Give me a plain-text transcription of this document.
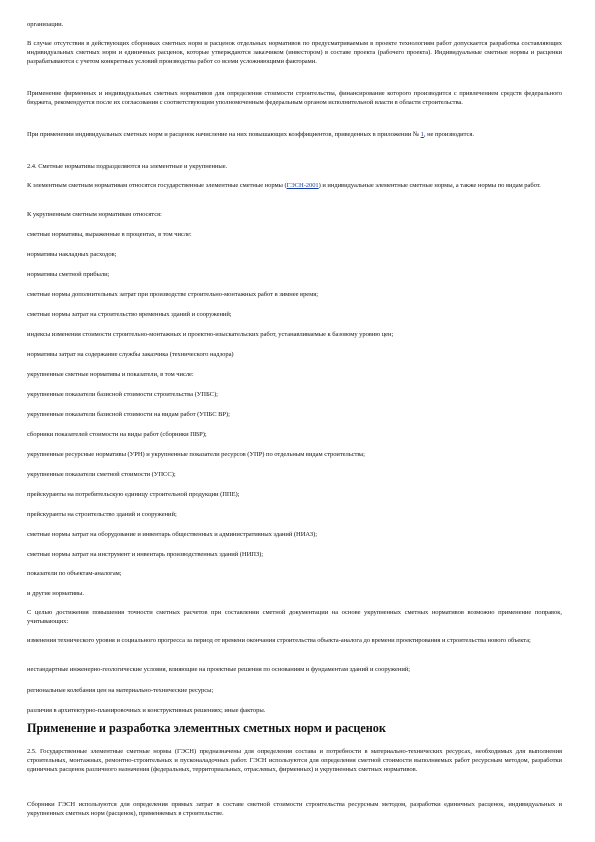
организации.

В случае отсутствия в действующих сборниках сметных норм и расценок отдельных нормативов по предусматриваемым в проекте технологиям работ допускается разработка составляющих индивидуальных сметных норм и единичных расценок, которые утверждаются заказчиком (инвестором) в составе проекта (рабочего проекта). Индивидуальные сметные нормы и расценки разрабатываются с учетом конкретных условий производства работ со всеми усложняющими факторами.

Применение фирменных и индивидуальных сметных нормативов для определения стоимости строительства, финансирование которого производится с привлечением средств федерального бюджета, рекомендуется после их согласования с соответствующим уполномоченным федеральным органом исполнительной власти в области строительства.

При применении индивидуальных сметных норм и расценок начисление на них повышающих коэффициентов, приведенных в приложении № 1, не производится.

2.4. Сметные нормативы подразделяются на элементные и укрупненные.

К элементным сметным нормативам относятся государственные элементные сметные нормы (ГЭСН-2001) и индивидуальные элементные сметные нормы, а также нормы по видам работ.

К укрупненным сметным нормативам относятся:

сметные нормативы, выраженные в процентах, в том числе:

нормативы накладных расходов;

нормативы сметной прибыли;

сметные нормы дополнительных затрат при производстве строительно-монтажных работ в зимнее время;

сметные нормы затрат на строительство временных зданий и сооружений;

индексы изменения стоимости строительно-монтажных и проектно-изыскательских работ, устанавливаемые к базовому уровню цен;

нормативы затрат на содержание службы заказчика (технического надзора)

укрупненные сметные нормативы и показатели, в том числе:

укрупненные показатели базисной стоимости строительства (УПБС);

укрупненные показатели базисной стоимости на видам работ (УПБС ВР);

сборники показателей стоимости на виды работ (сборники ПВР);

укрупненные ресурсные нормативы (УРН) и укрупненные показатели ресурсов (УПР) по отдельным видам строительства;

укрупненные показатели сметной стоимости (УПСС);

прейскуранты на потребительскую единицу строительной продукции (ППЕ);

прейскуранты на строительство зданий и сооружений;

сметные нормы затрат на оборудование и инвентарь общественных и административных зданий (НИАЗ);

сметные нормы затрат на инструмент и инвентарь производственных зданий (НИПЗ);

показатели по объектам-аналогам;

и другие нормативы.

С целью достижения повышения точности сметных расчетов при составлении сметной документации на основе укрупненных сметных нормативов возможно применение поправок, учитывающих:

изменения технического уровня и социального прогресса за период от времени окончания строительства объекта-аналога до времени проектирования и строительства нового объекта;

нестандартные инженерно-геологические условия, влияющие на проектные решения по основаниям и фундаментам зданий и сооружений;

региональные колебания цен на материально-технические ресурсы;

различия в архитектурно-планировочных и конструктивных решениях; иные факторы.

Применение и разработка элементных сметных норм и расценок

2.5. Государственные элементные сметные нормы (ГЭСН) предназначены для определения состава и потребности в материально-технических ресурсах, необходимых для выполнения строительных, монтажных, ремонтно-строительных и пусконаладочных работ. ГЭСН используются для определения сметной стоимости выполняемых работ ресурсным методом, разработки единичных расценок различного назначения (федеральных, территориальных, отраслевых, фирменных) и укрупненных сметных нормативов.

Сборники ГЭСН используются для определения прямых затрат в составе сметной стоимости строительства ресурсным методом, разработки единичных расценок, индивидуальных и укрупненных сметных норм (расценок), применяемых в строительстве.
